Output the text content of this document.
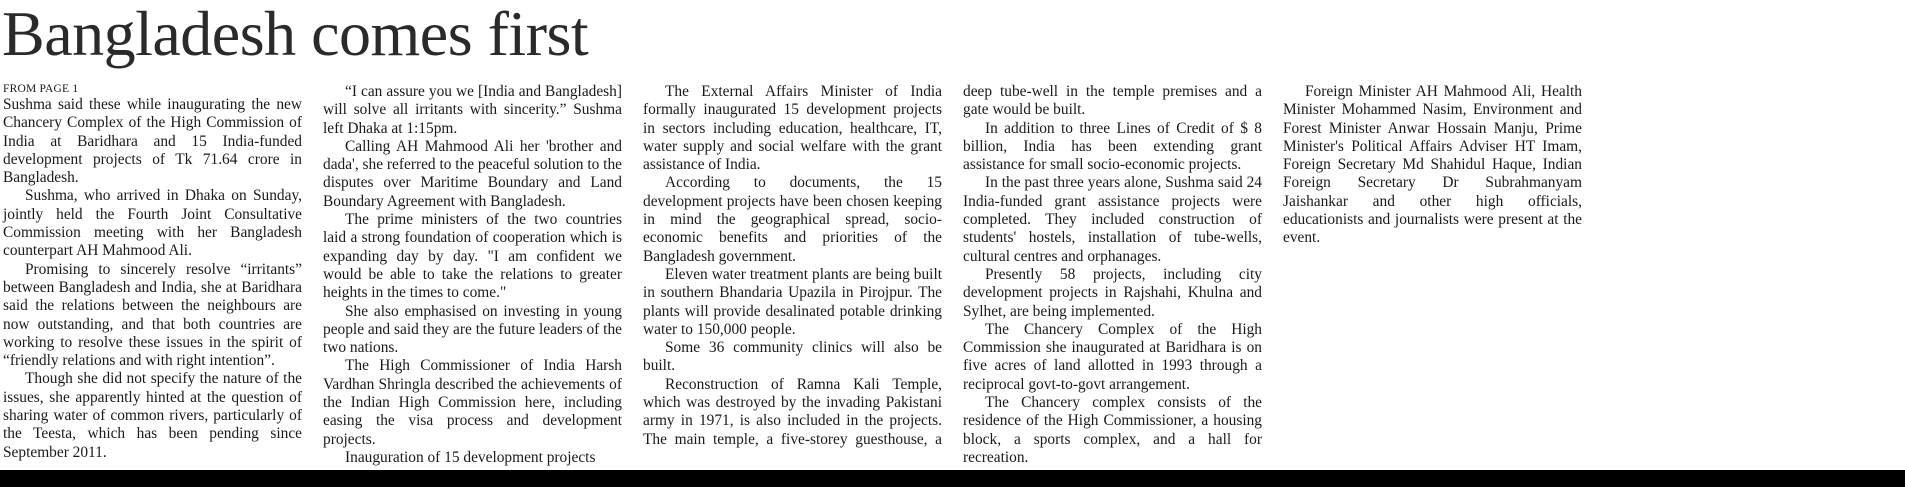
Bangladesh comes first

FROM PAGE 1

Sushma said these while inaugurating the new Chancery Complex of the High Commission of India at Baridhara and 15 India-funded development projects of Tk 71.64 crore in Bangladesh.

Sushma, who arrived in Dhaka on Sunday, jointly held the Fourth Joint Consultative Commission meeting with her Bangladesh counterpart AH Mahmood Ali.

Promising to sincerely resolve “irritants” between Bangladesh and India, she at Baridhara said the relations between the neighbours are now outstanding, and that both countries are working to resolve these issues in the spirit of “friendly relations and with right intention”.

Though she did not specify the nature of the issues, she apparently hinted at the question of sharing water of common rivers, particularly of the Teesta, which has been pending since September 2011.

“I can assure you we [India and Bangladesh] will solve all irritants with sincerity.” Sushma left Dhaka at 1:15pm.

Calling AH Mahmood Ali her 'brother and dada', she referred to the peaceful solution to the disputes over Maritime Boundary and Land Boundary Agreement with Bangladesh.

The prime ministers of the two countries laid a strong foundation of cooperation which is expanding day by day. "I am confident we would be able to take the relations to greater heights in the times to come."

She also emphasised on investing in young people and said they are the future leaders of the two nations.

The High Commissioner of India Harsh Vardhan Shringla described the achievements of the Indian High Commission here, including easing the visa process and development projects.

Inauguration of 15 development projects

The External Affairs Minister of India formally inaugurated 15 development projects in sectors including education, healthcare, IT, water supply and social welfare with the grant assistance of India.

According to documents, the 15 development projects have been chosen keeping in mind the geographical spread, socio-economic benefits and priorities of the Bangladesh government.

Eleven water treatment plants are being built in southern Bhandaria Upazila in Pirojpur. The plants will provide desalinated potable drinking water to 150,000 people.

Some 36 community clinics will also be built.

Reconstruction of Ramna Kali Temple, which was destroyed by the invading Pakistani army in 1971, is also included in the projects. The main temple, a five-storey guesthouse, a deep tube-well in the temple premises and a gate would be built.

In addition to three Lines of Credit of $ 8 billion, India has been extending grant assistance for small socio-economic projects.

In the past three years alone, Sushma said 24 India-funded grant assistance projects were completed. They included construction of students' hostels, installation of tube-wells, cultural centres and orphanages.

Presently 58 projects, including city development projects in Rajshahi, Khulna and Sylhet, are being implemented.

The Chancery Complex of the High Commission she inaugurated at Baridhara is on five acres of land allotted in 1993 through a reciprocal govt-to-govt arrangement.

The Chancery complex consists of the residence of the High Commissioner, a housing block, a sports complex, and a hall for recreation.

Foreign Minister AH Mahmood Ali, Health Minister Mohammed Nasim, Environment and Forest Minister Anwar Hossain Manju, Prime Minister's Political Affairs Adviser HT Imam, Foreign Secretary Md Shahidul Haque, Indian Foreign Secretary Dr Subrahmanyam Jaishankar and other high officials, educationists and journalists were present at the event.
